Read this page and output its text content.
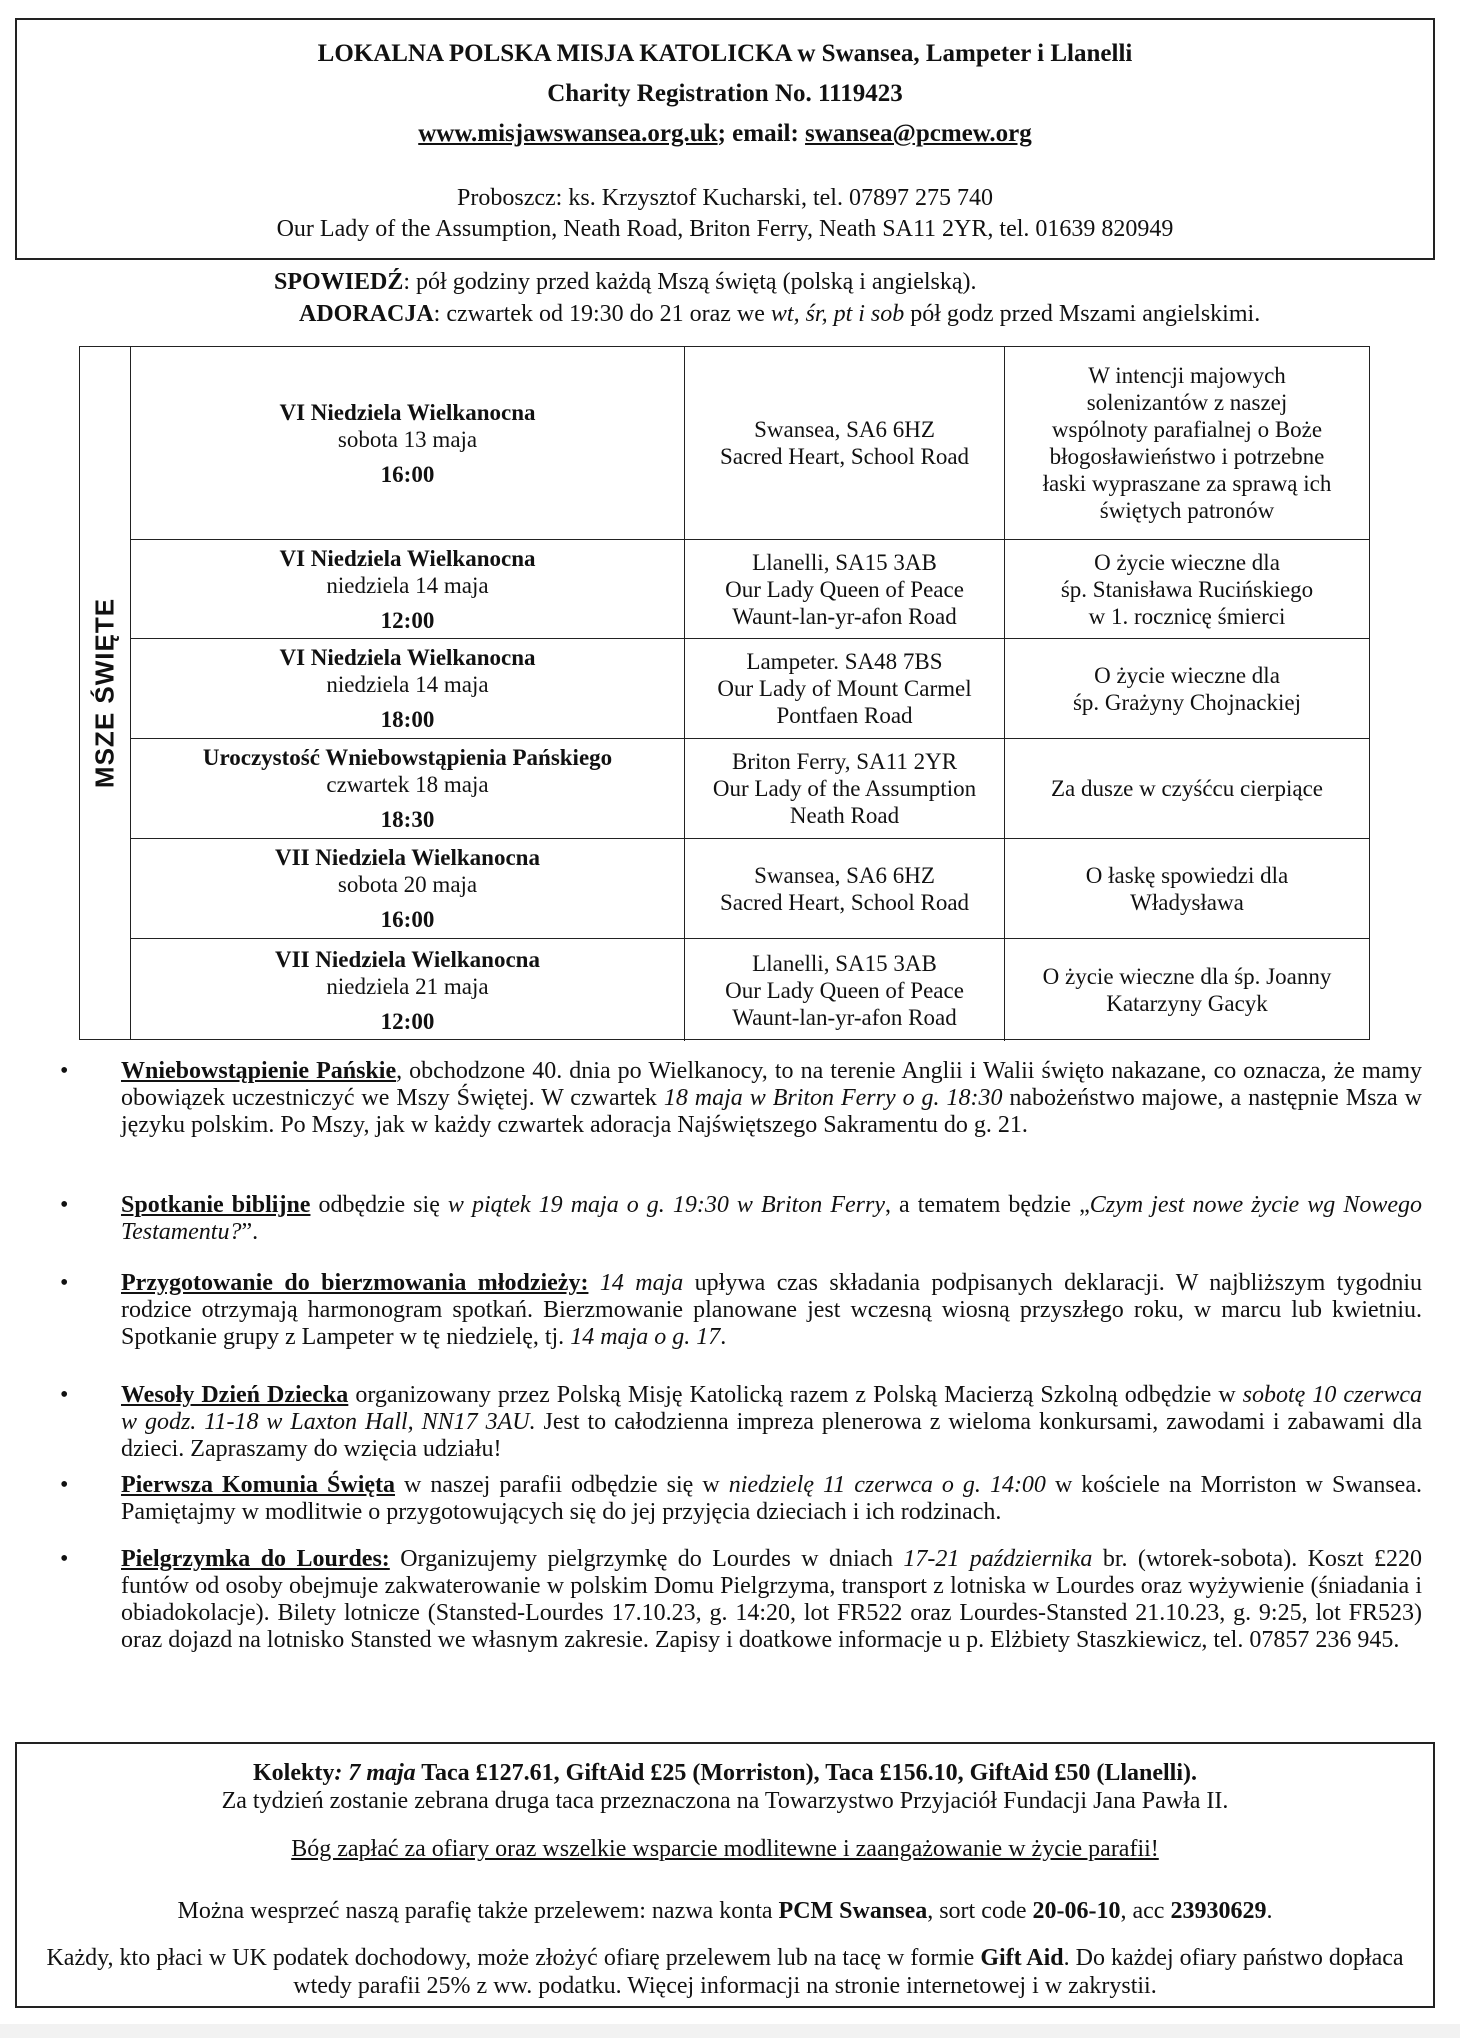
LOKALNA POLSKA MISJA KATOLICKA w Swansea, Lampeter i Llanelli
Charity Registration No. 1119423
www.misjawswansea.org.uk; email: swansea@pcmew.org
Proboszcz: ks. Krzysztof Kucharski, tel. 07897 275 740
Our Lady of the Assumption, Neath Road, Briton Ferry, Neath SA11 2YR, tel. 01639 820949
SPOWIEDŹ: pół godziny przed każdą Mszą świętą (polską i angielską).
ADORACJA: czwartek od 19:30 do 21 oraz we wt, śr, pt i sob pół godz przed Mszami angielskimi.
MSZE ŚWIĘTE
VI Niedziela Wielkanocna
sobota 13 maja
16:00
Swansea, SA6 6HZ
Sacred Heart, School Road
W intencji majowych
solenizantów z naszej
wspólnoty parafialnej o Boże
błogosławieństwo i potrzebne
łaski wypraszane za sprawą ich
świętych patronów
VI Niedziela Wielkanocna
niedziela 14 maja
12:00
Llanelli, SA15 3AB
Our Lady Queen of Peace
Waunt-lan-yr-afon Road
O życie wieczne dla
śp. Stanisława Rucińskiego
w 1. rocznicę śmierci
VI Niedziela Wielkanocna
niedziela 14 maja
18:00
Lampeter. SA48 7BS
Our Lady of Mount Carmel
Pontfaen Road
O życie wieczne dla
śp. Grażyny Chojnackiej
Uroczystość Wniebowstąpienia Pańskiego
czwartek 18 maja
18:30
Briton Ferry, SA11 2YR
Our Lady of the Assumption
Neath Road
Za dusze w czyśćcu cierpiące
VII Niedziela Wielkanocna
sobota 20 maja
16:00
Swansea, SA6 6HZ
Sacred Heart, School Road
O łaskę spowiedzi dla
Władysława
VII Niedziela Wielkanocna
niedziela 21 maja
12:00
Llanelli, SA15 3AB
Our Lady Queen of Peace
Waunt-lan-yr-afon Road
O życie wieczne dla śp. Joanny
Katarzyny Gacyk
• Wniebowstąpienie Pańskie, obchodzone 40. dnia po Wielkanocy, to na terenie Anglii i Walii święto nakazane, co oznacza, że mamy obowiązek uczestniczyć we Mszy Świętej. W czwartek 18 maja w Briton Ferry o g. 18:30 nabożeństwo majowe, a następnie Msza w języku polskim. Po Mszy, jak w każdy czwartek adoracja Najświętszego Sakramentu do g. 21.
• Spotkanie biblijne odbędzie się w piątek 19 maja o g. 19:30 w Briton Ferry, a tematem będzie „Czym jest nowe życie wg Nowego Testamentu?”.
• Przygotowanie do bierzmowania młodzieży: 14 maja upływa czas składania podpisanych deklaracji. W najbliższym tygodniu rodzice otrzymają harmonogram spotkań. Bierzmowanie planowane jest wczesną wiosną przyszłego roku, w marcu lub kwietniu. Spotkanie grupy z Lampeter w tę niedzielę, tj. 14 maja o g. 17.
• Wesoły Dzień Dziecka organizowany przez Polską Misję Katolicką razem z Polską Macierzą Szkolną odbędzie w sobotę 10 czerwca w godz. 11-18 w Laxton Hall, NN17 3AU. Jest to całodzienna impreza plenerowa z wieloma konkursami, zawodami i zabawami dla dzieci. Zapraszamy do wzięcia udziału!
• Pierwsza Komunia Święta w naszej parafii odbędzie się w niedzielę 11 czerwca o g. 14:00 w kościele na Morriston w Swansea. Pamiętajmy w modlitwie o przygotowujących się do jej przyjęcia dzieciach i ich rodzinach.
• Pielgrzymka do Lourdes: Organizujemy pielgrzymkę do Lourdes w dniach 17-21 października br. (wtorek-sobota). Koszt £220 funtów od osoby obejmuje zakwaterowanie w polskim Domu Pielgrzyma, transport z lotniska w Lourdes oraz wyżywienie (śniadania i obiadokolacje). Bilety lotnicze (Stansted-Lourdes 17.10.23, g. 14:20, lot FR522 oraz Lourdes-Stansted 21.10.23, g. 9:25, lot FR523) oraz dojazd na lotnisko Stansted we własnym zakresie. Zapisy i doatkowe informacje u p. Elżbiety Staszkiewicz, tel. 07857 236 945.
Kolekty: 7 maja Taca £127.61, GiftAid £25 (Morriston), Taca £156.10, GiftAid £50 (Llanelli).
Za tydzień zostanie zebrana druga taca przeznaczona na Towarzystwo Przyjaciół Fundacji Jana Pawła II.
Bóg zapłać za ofiary oraz wszelkie wsparcie modlitewne i zaangażowanie w życie parafii!
Można wesprzeć naszą parafię także przelewem: nazwa konta PCM Swansea, sort code 20-06-10, acc 23930629.
Każdy, kto płaci w UK podatek dochodowy, może złożyć ofiarę przelewem lub na tacę w formie Gift Aid. Do każdej ofiary państwo dopłaca wtedy parafii 25% z ww. podatku. Więcej informacji na stronie internetowej i w zakrystii.
